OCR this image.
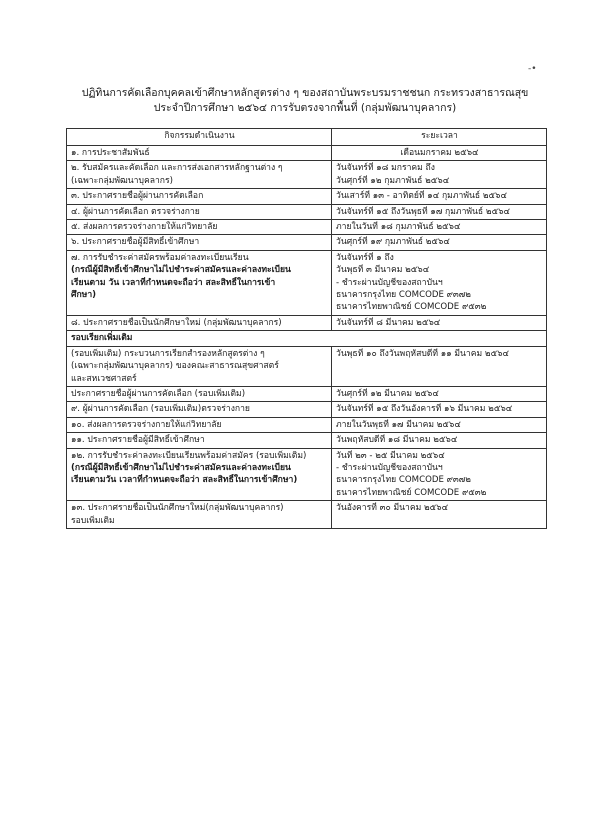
-•
ปฏิทินการคัดเลือกบุคคลเข้าศึกษาหลักสูตรต่าง ๆ ของสถาบันพระบรมราชชนก กระทรวงสาธารณสุข
ประจำปีการศึกษา ๒๕๖๔ การรับตรงจากพื้นที่ (กลุ่มพัฒนาบุคลากร)
กิจกรรมดำเนินงาน	ระยะเวลา

๑. การประชาสัมพันธ์	เดือนมกราคม ๒๕๖๔

๒. รับสมัครและคัดเลือก และการส่งเอกสารหลักฐานต่าง ๆ
(เฉพาะกลุ่มพัฒนาบุคลากร)	วันจันทร์ที่ ๑๘ มกราคม ถึง
วันศุกร์ที่ ๑๒ กุมภาพันธ์ ๒๕๖๔

๓. ประกาศรายชื่อผู้ผ่านการคัดเลือก	วันเสาร์ที่ ๑๓ - อาทิตย์ที่ ๑๔ กุมภาพันธ์ ๒๕๖๔

๔. ผู้ผ่านการคัดเลือก ตรวจร่างกาย	วันจันทร์ที่ ๑๕ ถึงวันพุธที่ ๑๗ กุมภาพันธ์ ๒๕๖๔

๕. ส่งผลการตรวจร่างกายให้แก่วิทยาลัย	ภายในวันที่ ๑๘ กุมภาพันธ์ ๒๕๖๔

๖. ประกาศรายชื่อผู้มีสิทธิ์เข้าศึกษา	วันศุกร์ที่ ๑๙ กุมภาพันธ์ ๒๕๖๔

๗. การรับชำระค่าสมัครพร้อมค่าลงทะเบียนเรียน
(กรณีผู้มีสิทธิ์เข้าศึกษาไม่ไปชำระค่าสมัครและค่าลงทะเบียน
เรียนตาม วัน เวลาที่กำหนดจะถือว่า สละสิทธิ์ในการเข้า
ศึกษา)	วันจันทร์ที่ ๑ ถึง
วันพุธที่ ๓ มีนาคม ๒๕๖๔
- ชำระผ่านบัญชีของสถาบันฯ
ธนาคารกรุงไทย COMCODE ๙๓๗๒
ธนาคารไทยพาณิชย์ COMCODE ๙๕๓๒

๘. ประกาศรายชื่อเป็นนักศึกษาใหม่ (กลุ่มพัฒนาบุคลากร)	วันจันทร์ที่ ๘ มีนาคม ๒๕๖๔

รอบเรียกเพิ่มเติม	

(รอบเพิ่มเติม) กระบวนการเรียกสำรองหลักสูตรต่าง ๆ
(เฉพาะกลุ่มพัฒนาบุคลากร) ของคณะสาธารณสุขศาสตร์
และสหเวชศาสตร์	วันพุธที่ ๑๐ ถึงวันพฤหัสบดีที่ ๑๑ มีนาคม ๒๕๖๔

ประกาศรายชื่อผู้ผ่านการคัดเลือก (รอบเพิ่มเติม)	วันศุกร์ที่ ๑๒ มีนาคม ๒๕๖๔

๙. ผู้ผ่านการคัดเลือก (รอบเพิ่มเติม)ตรวจร่างกาย	วันจันทร์ที่ ๑๕ ถึงวันอังคารที่ ๑๖ มีนาคม ๒๕๖๔

๑๐. ส่งผลการตรวจร่างกายให้แก่วิทยาลัย	ภายในวันพุธที่ ๑๗ มีนาคม ๒๕๖๔

๑๑. ประกาศรายชื่อผู้มีสิทธิ์เข้าศึกษา	วันพฤหัสบดีที่ ๑๘ มีนาคม ๒๕๖๔

๑๒. การรับชำระค่าลงทะเบียนเรียนพร้อมค่าสมัคร (รอบเพิ่มเติม)
(กรณีผู้มีสิทธิ์เข้าศึกษาไม่ไปชำระค่าสมัครและค่าลงทะเบียน
เรียนตามวัน เวลาที่กำหนดจะถือว่า สละสิทธิ์ในการเข้าศึกษา)	วันที่ ๒๓ - ๒๕ มีนาคม ๒๕๖๔
- ชำระผ่านบัญชีของสถาบันฯ
ธนาคารกรุงไทย COMCODE ๙๓๗๒
ธนาคารไทยพาณิชย์ COMCODE ๙๕๓๒

๑๓. ประกาศรายชื่อเป็นนักศึกษาใหม่(กลุ่มพัฒนาบุคลากร)
รอบเพิ่มเติม	วันอังคารที่ ๓๐ มีนาคม ๒๕๖๔
